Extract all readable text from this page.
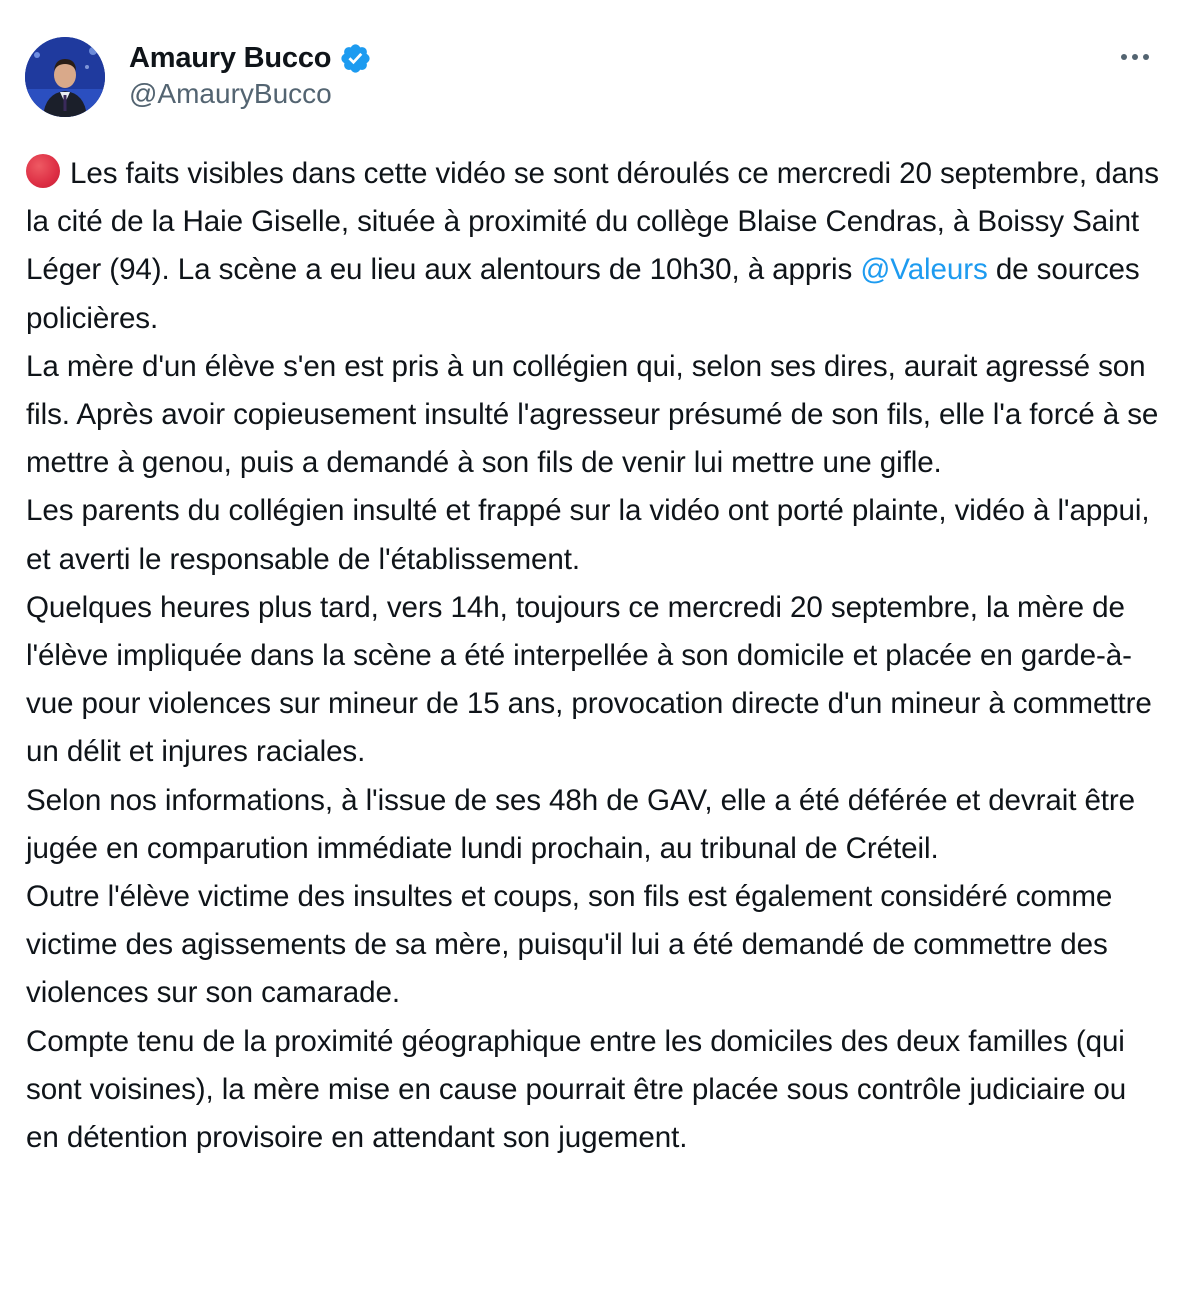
Amaury Bucco
@AmauryBucco

Les faits visibles dans cette vidéo se sont déroulés ce mercredi 20 septembre, dans la cité de la Haie Giselle, située à proximité du collège Blaise Cendras, à Boissy Saint Léger (94). La scène a eu lieu aux alentours de 10h30, à appris @Valeurs de sources policières.

La mère d'un élève s'en est pris à un collégien qui, selon ses dires, aurait agressé son fils. Après avoir copieusement insulté l'agresseur présumé de son fils, elle l'a forcé à se mettre à genou, puis a demandé à son fils de venir lui mettre une gifle.

Les parents du collégien insulté et frappé sur la vidéo ont porté plainte, vidéo à l'appui, et averti le responsable de l'établissement.

Quelques heures plus tard, vers 14h, toujours ce mercredi 20 septembre, la mère de l'élève impliquée dans la scène a été interpellée à son domicile et placée en garde-à-vue pour violences sur mineur de 15 ans, provocation directe d'un mineur à commettre un délit et injures raciales.

Selon nos informations, à l'issue de ses 48h de GAV, elle a été déférée et devrait être jugée en comparution immédiate lundi prochain, au tribunal de Créteil.

Outre l'élève victime des insultes et coups, son fils est également considéré comme victime des agissements de sa mère, puisqu'il lui a été demandé de commettre des violences sur son camarade.

Compte tenu de la proximité géographique entre les domiciles des deux familles (qui sont voisines), la mère mise en cause pourrait être placée sous contrôle judiciaire ou en détention provisoire en attendant son jugement.
